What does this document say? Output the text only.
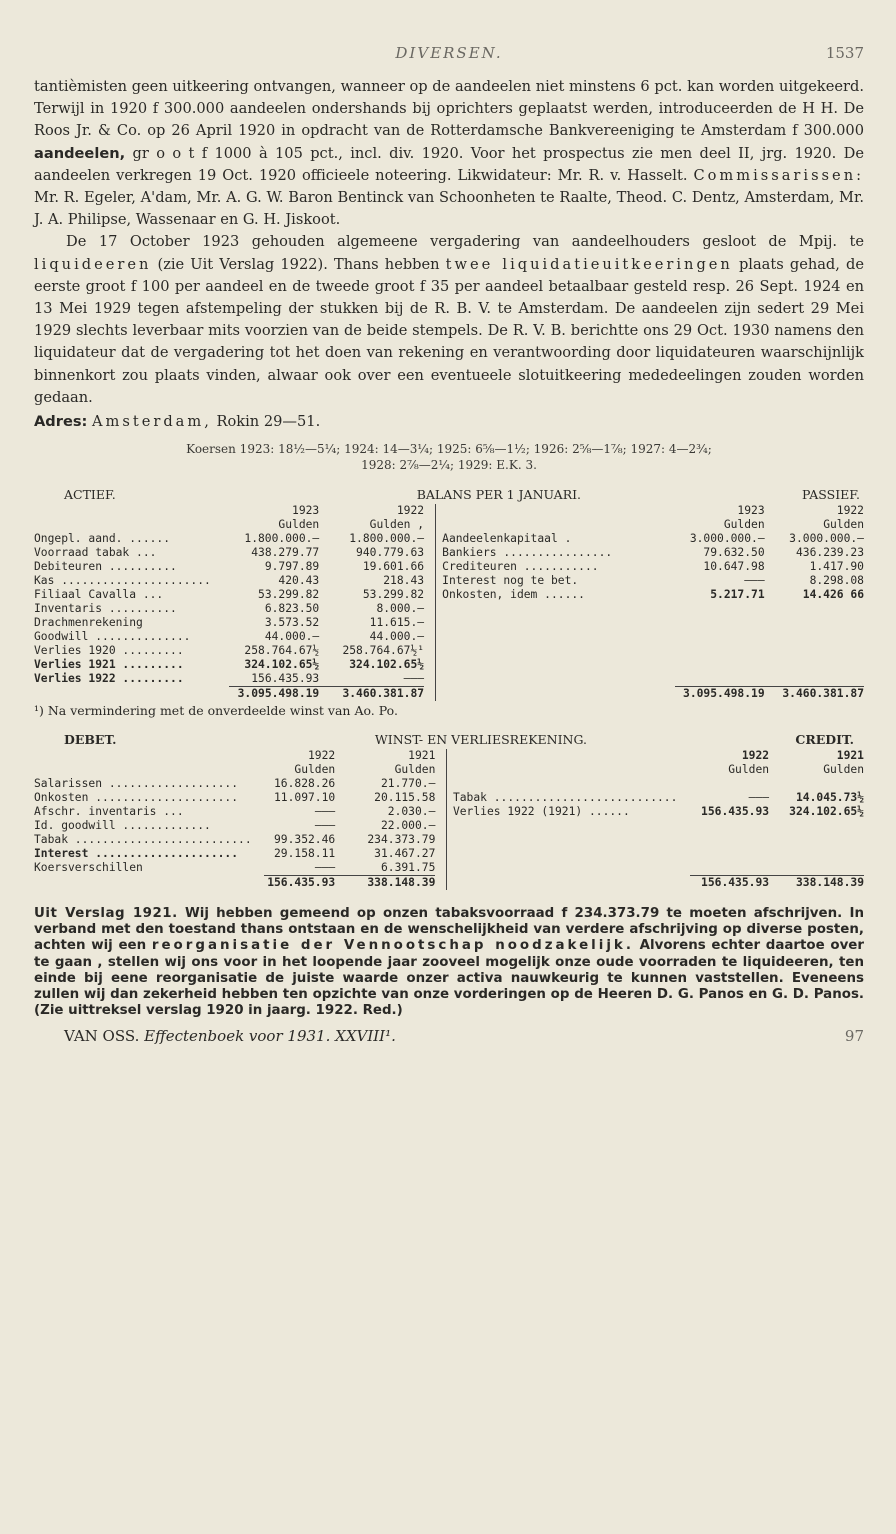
DIVERSEN.	1537

tantièmisten geen uitkeering ontvangen, wanneer op de aandeelen niet minstens 6 pct. kan worden uitgekeerd. Terwijl in 1920 f 300.000 aandeelen ondershands bij oprichters geplaatst werden, introduceerden de H H. De Roos Jr. & Co. op 26 April 1920 in opdracht van de Rotterdamsche Bankvereeniging te Amsterdam f 300.000 aandeelen, gr o o t f 1000 à 105 pct., incl. div. 1920. Voor het prospectus zie men deel II, jrg. 1920. De aandeelen verkregen 19 Oct. 1920 officieele noteering. Likwidateur: Mr. R. v. Hasselt. Commissarissen: Mr. R. Egeler, A'dam, Mr. A. G. W. Baron Bentinck van Schoonheten te Raalte, Theod. C. Dentz, Amsterdam, Mr. J. A. Philipse, Wassenaar en G. H. Jiskoot.

De 17 October 1923 gehouden algemeene vergadering van aandeelhouders gesloot de Mpij. te liquideeren (zie Uit Verslag 1922). Thans hebben twee liquidatieuitkeeringen plaats gehad, de eerste groot f 100 per aandeel en de tweede groot f 35 per aandeel betaalbaar gesteld resp. 26 Sept. 1924 en 13 Mei 1929 tegen afstempeling der stukken bij de R. B. V. te Amsterdam. De aandeelen zijn sedert 29 Mei 1929 slechts leverbaar mits voorzien van de beide stempels. De R. V. B. berichtte ons 29 Oct. 1930 namens den liquidateur dat de vergadering tot het doen van rekening en verantwoording door liquidateuren waarschijnlijk binnenkort zou plaats vinden, alwaar ook over een eventueele slotuitkeering mededeelingen zouden worden gedaan.

Adres: Amsterdam, Rokin 29—51.
Koersen 1923: 18½—5¼; 1924: 14—3¼; 1925: 6⅝—1½; 1926: 2⅝—1⅞; 1927: 4—2¾;
1928: 2⅞—2¼; 1929: E.K. 3.
ACTIEF.	BALANS PER 1 JANUARI.	PASSIEF.
	1923	1922			1923	1922
	Gulden	Gulden ,			Gulden	Gulden
Ongepl. aand. ......	1.800.000.—	1.800.000.—		Aandeelenkapitaal .	3.000.000.—	3.000.000.—
Voorraad tabak ...	438.279.77	940.779.63		Bankiers ................	79.632.50	436.239.23
Debiteuren ..........	9.797.89	19.601.66		Crediteuren ...........	10.647.98	1.417.90
Kas ......................	420.43	218.43		Interest nog te bet.	———	8.298.08
Filiaal Cavalla ...	53.299.82	53.299.82		Onkosten, idem ......	5.217.71	14.426 66
Inventaris ..........	6.823.50	8.000.—				
Drachmenrekening	3.573.52	11.615.—				
Goodwill ..............	44.000.—	44.000.—				
Verlies 1920 .........	258.764.67½	258.764.67½¹				
Verlies 1921 .........	324.102.65½	324.102.65½				
Verlies 1922 .........	156.435.93	———				
	3.095.498.19	3.460.381.87			3.095.498.19	3.460.381.87
¹) Na vermindering met de onverdeelde winst van Ao. Po.
DEBET.	WINST- EN VERLIESREKENING.	CREDIT.
	1922	1921			1922	1921
	Gulden	Gulden			Gulden	Gulden
Salarissen ...................	16.828.26	21.770.—				
Onkosten .....................	11.097.10	20.115.58		Tabak ...........................	———	14.045.73½
Afschr. inventaris ...	———	2.030.—		Verlies 1922 (1921) ......	156.435.93	324.102.65½
Id. goodwill .............	———	22.000.—				
Tabak ..........................	99.352.46	234.373.79				
Interest .....................	29.158.11	31.467.27				
Koersverschillen	———	6.391.75				
	156.435.93	338.148.39			156.435.93	338.148.39
Uit Verslag 1921. Wij hebben gemeend op onzen tabaksvoorraad f 234.373.79 te moeten afschrijven. In verband met den toestand thans ontstaan en de wenschelijkheid van verdere afschrijving op diverse posten, achten wij een reorganisatie der Vennootschap noodzakelijk. Alvorens echter daartoe over te gaan , stellen wij ons voor in het loopende jaar zooveel mogelijk onze oude voorraden te liquideeren, ten einde bij eene reorganisatie de juiste waarde onzer activa nauwkeurig te kunnen vaststellen. Eveneens zullen wij dan zekerheid hebben ten opzichte van onze vorderingen op de Heeren D. G. Panos en G. D. Panos. (Zie uittreksel verslag 1920 in jaarg. 1922. Red.)
VAN OSS. Effectenboek voor 1931. XXVIII¹.	97
